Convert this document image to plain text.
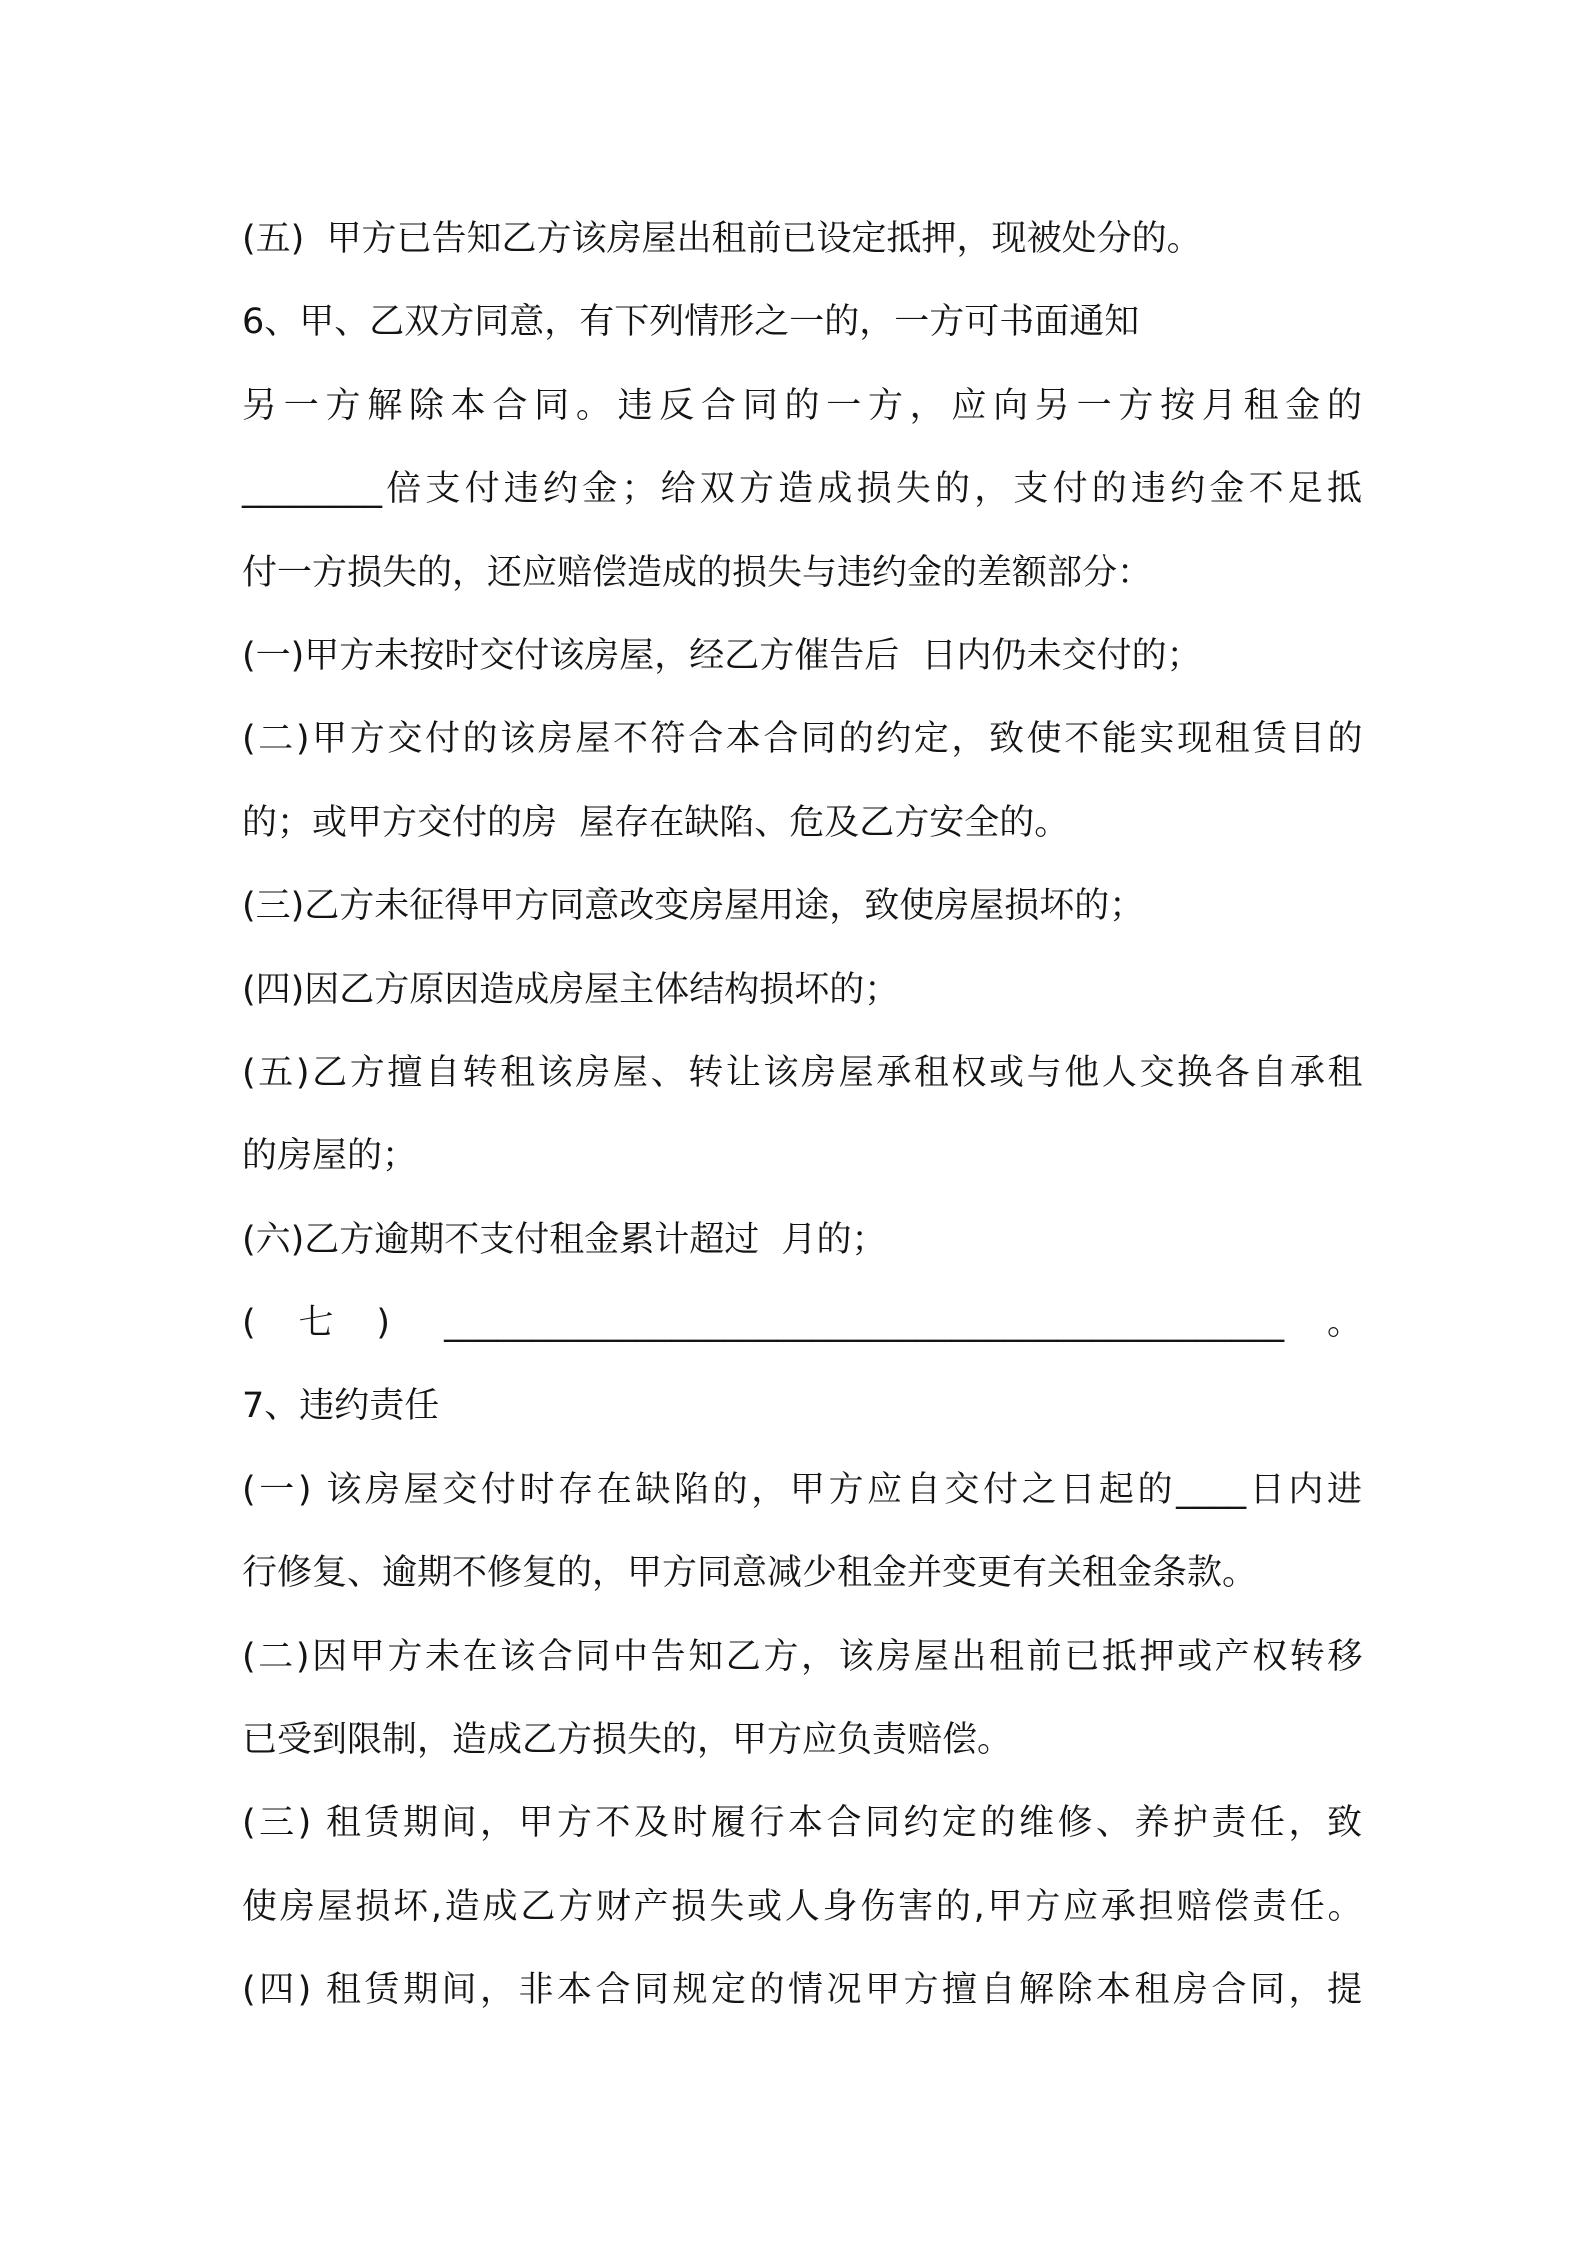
(五)  甲方已告知乙方该房屋出租前已设定抵押，现被处分的。
6、甲、乙双方同意，有下列情形之一的，一方可书面通知
另一方解除本合同。违反合同的一方，应向另一方按月租金的
________倍支付违约金；给双方造成损失的，支付的违约金不足抵
付一方损失的，还应赔偿造成的损失与违约金的差额部分：
(一)甲方未按时交付该房屋，经乙方催告后  日内仍未交付的；
(二)甲方交付的该房屋不符合本合同的约定，致使不能实现租赁目的
的；或甲方交付的房  屋存在缺陷、危及乙方安全的。
(三)乙方未征得甲方同意改变房屋用途，致使房屋损坏的；
(四)因乙方原因造成房屋主体结构损坏的；
(五)乙方擅自转租该房屋、转让该房屋承租权或与他人交换各自承租
的房屋的；
(六)乙方逾期不支付租金累计超过  月的；
(七) ________________________________________________。
7、违约责任
(一) 该房屋交付时存在缺陷的，甲方应自交付之日起的____日内进
行修复、逾期不修复的，甲方同意减少租金并变更有关租金条款。
(二)因甲方未在该合同中告知乙方，该房屋出租前已抵押或产权转移
已受到限制，造成乙方损失的，甲方应负责赔偿。
(三) 租赁期间，甲方不及时履行本合同约定的维修、养护责任，致
使房屋损坏,造成乙方财产损失或人身伤害的,甲方应承担赔偿责任。
(四) 租赁期间，非本合同规定的情况甲方擅自解除本租房合同，提
